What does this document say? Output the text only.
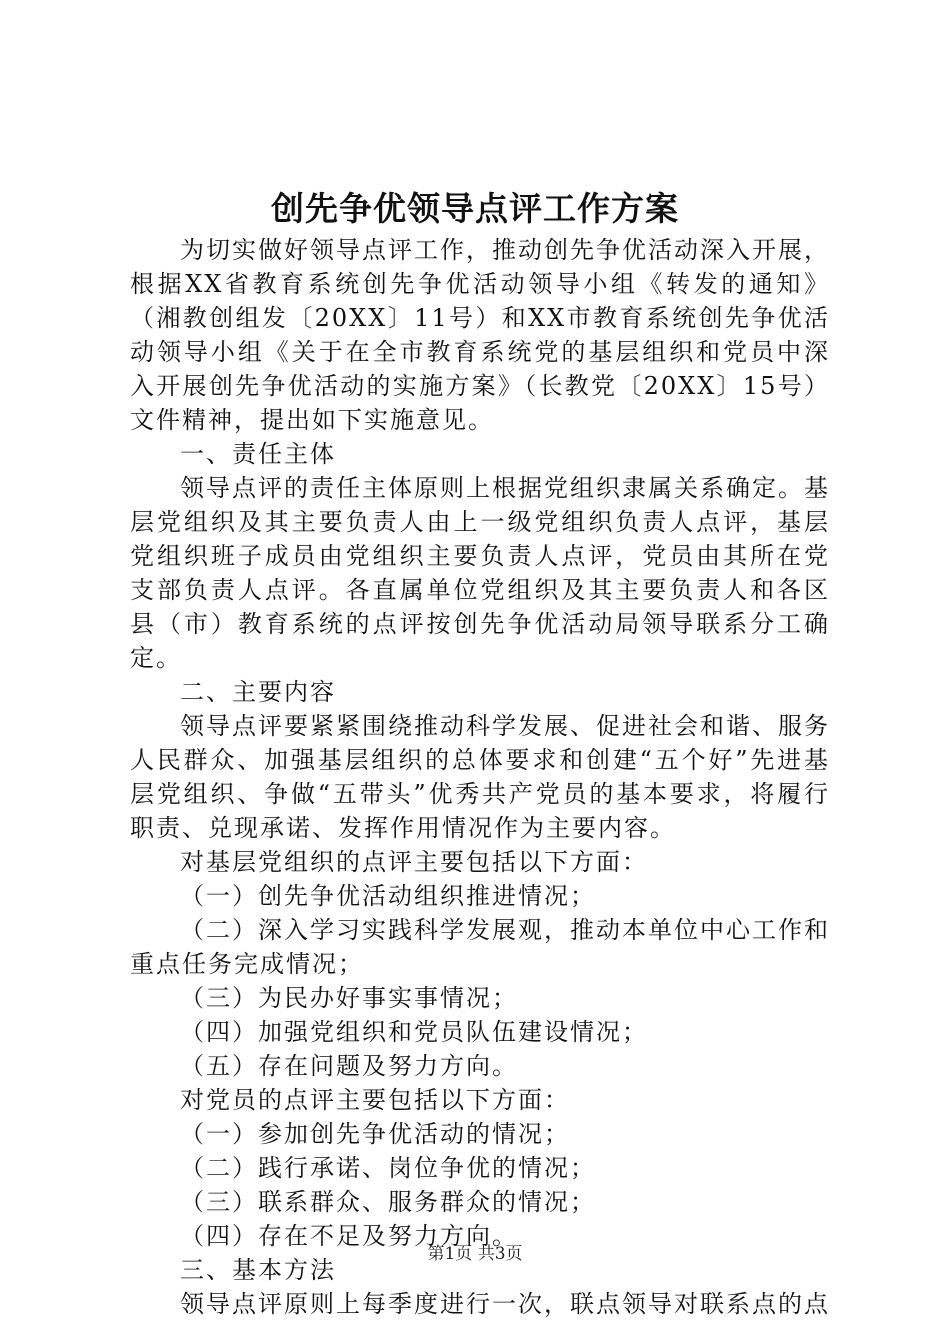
创先争优领导点评工作方案

为切实做好领导点评工作，推动创先争优活动深入开展，根据XX省教育系统创先争优活动领导小组《转发的通知》（湘教创组发〔20XX〕11号）和XX市教育系统创先争优活动领导小组《关于在全市教育系统党的基层组织和党员中深入开展创先争优活动的实施方案》（长教党〔20XX〕15号）文件精神，提出如下实施意见。

一、责任主体

领导点评的责任主体原则上根据党组织隶属关系确定。基层党组织及其主要负责人由上一级党组织负责人点评，基层党组织班子成员由党组织主要负责人点评，党员由其所在党支部负责人点评。各直属单位党组织及其主要负责人和各区县（市）教育系统的点评按创先争优活动局领导联系分工确定。

二、主要内容

领导点评要紧紧围绕推动科学发展、促进社会和谐、服务人民群众、加强基层组织的总体要求和创建“五个好”先进基层党组织、争做“五带头”优秀共产党员的基本要求，将履行职责、兑现承诺、发挥作用情况作为主要内容。

对基层党组织的点评主要包括以下方面：

（一）创先争优活动组织推进情况；

（二）深入学习实践科学发展观，推动本单位中心工作和重点任务完成情况；

（三）为民办好事实事情况；

（四）加强党组织和党员队伍建设情况；

（五）存在问题及努力方向。

对党员的点评主要包括以下方面：

（一）参加创先争优活动的情况；

（二）践行承诺、岗位争优的情况；

（三）联系群众、服务群众的情况；

（四）存在不足及努力方向。

三、基本方法

领导点评原则上每季度进行一次，联点领导对联系点的点

第1页 共3页
